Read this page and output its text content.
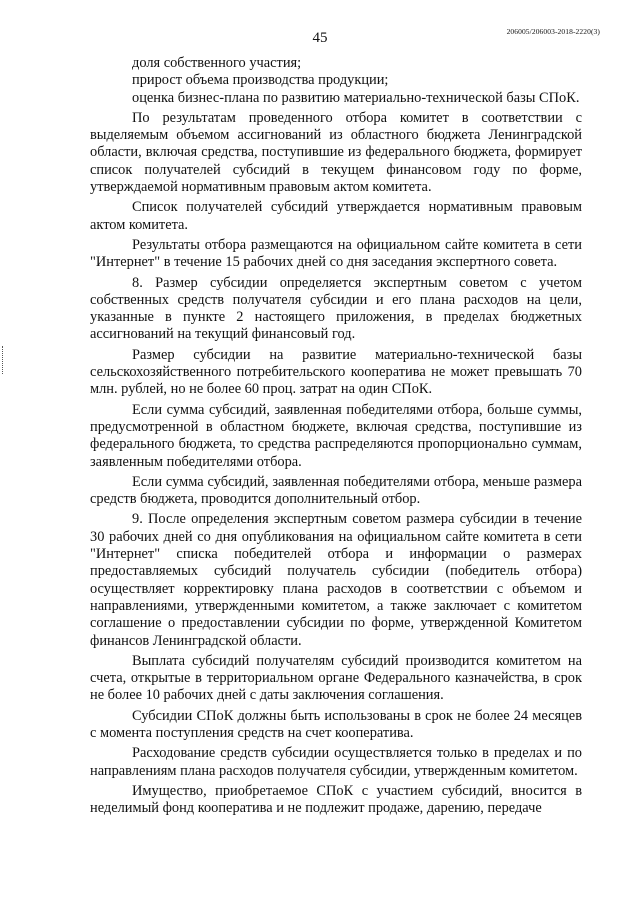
45	206005/206003-2018-2220(3)

доля собственного участия;

прирост объема производства продукции;

оценка бизнес-плана по развитию материально-технической базы СПоК.

По результатам проведенного отбора комитет в соответствии с выделяемым объемом ассигнований из областного бюджета Ленинградской области, включая средства, поступившие из федерального бюджета, формирует список получателей субсидий в текущем финансовом году по форме, утверждаемой нормативным правовым актом комитета.

Список получателей субсидий утверждается нормативным правовым актом комитета.

Результаты отбора размещаются на официальном сайте комитета в сети "Интернет" в течение 15 рабочих дней со дня заседания экспертного совета.

8. Размер субсидии определяется экспертным советом с учетом собственных средств получателя субсидии и его плана расходов на цели, указанные в пункте 2 настоящего приложения, в пределах бюджетных ассигнований на текущий финансовый год.

Размер субсидии на развитие материально-технической базы сельскохозяйственного потребительского кооператива не может превышать 70 млн. рублей, но не более 60 проц. затрат на один СПоК.

Если сумма субсидий, заявленная победителями отбора, больше суммы, предусмотренной в областном бюджете, включая средства, поступившие из федерального бюджета, то средства распределяются пропорционально суммам, заявленным победителями отбора.

Если сумма субсидий, заявленная победителями отбора, меньше размера средств бюджета, проводится дополнительный отбор.

9. После определения экспертным советом размера субсидии в течение 30 рабочих дней со дня опубликования на официальном сайте комитета в сети "Интернет" списка победителей отбора и информации о размерах предоставляемых субсидий получатель субсидии (победитель отбора) осуществляет корректировку плана расходов в соответствии с объемом и направлениями, утвержденными комитетом, а также заключает с комитетом соглашение о предоставлении субсидии по форме, утвержденной Комитетом финансов Ленинградской области.

Выплата субсидий получателям субсидий производится комитетом на счета, открытые в территориальном органе Федерального казначейства, в срок не более 10 рабочих дней с даты заключения соглашения.

Субсидии СПоК должны быть использованы в срок не более 24 месяцев с момента поступления средств на счет кооператива.

Расходование средств субсидии осуществляется только в пределах и по направлениям плана расходов получателя субсидии, утвержденным комитетом.

Имущество, приобретаемое СПоК с участием субсидий, вносится в неделимый фонд кооператива и не подлежит продаже, дарению, передаче
